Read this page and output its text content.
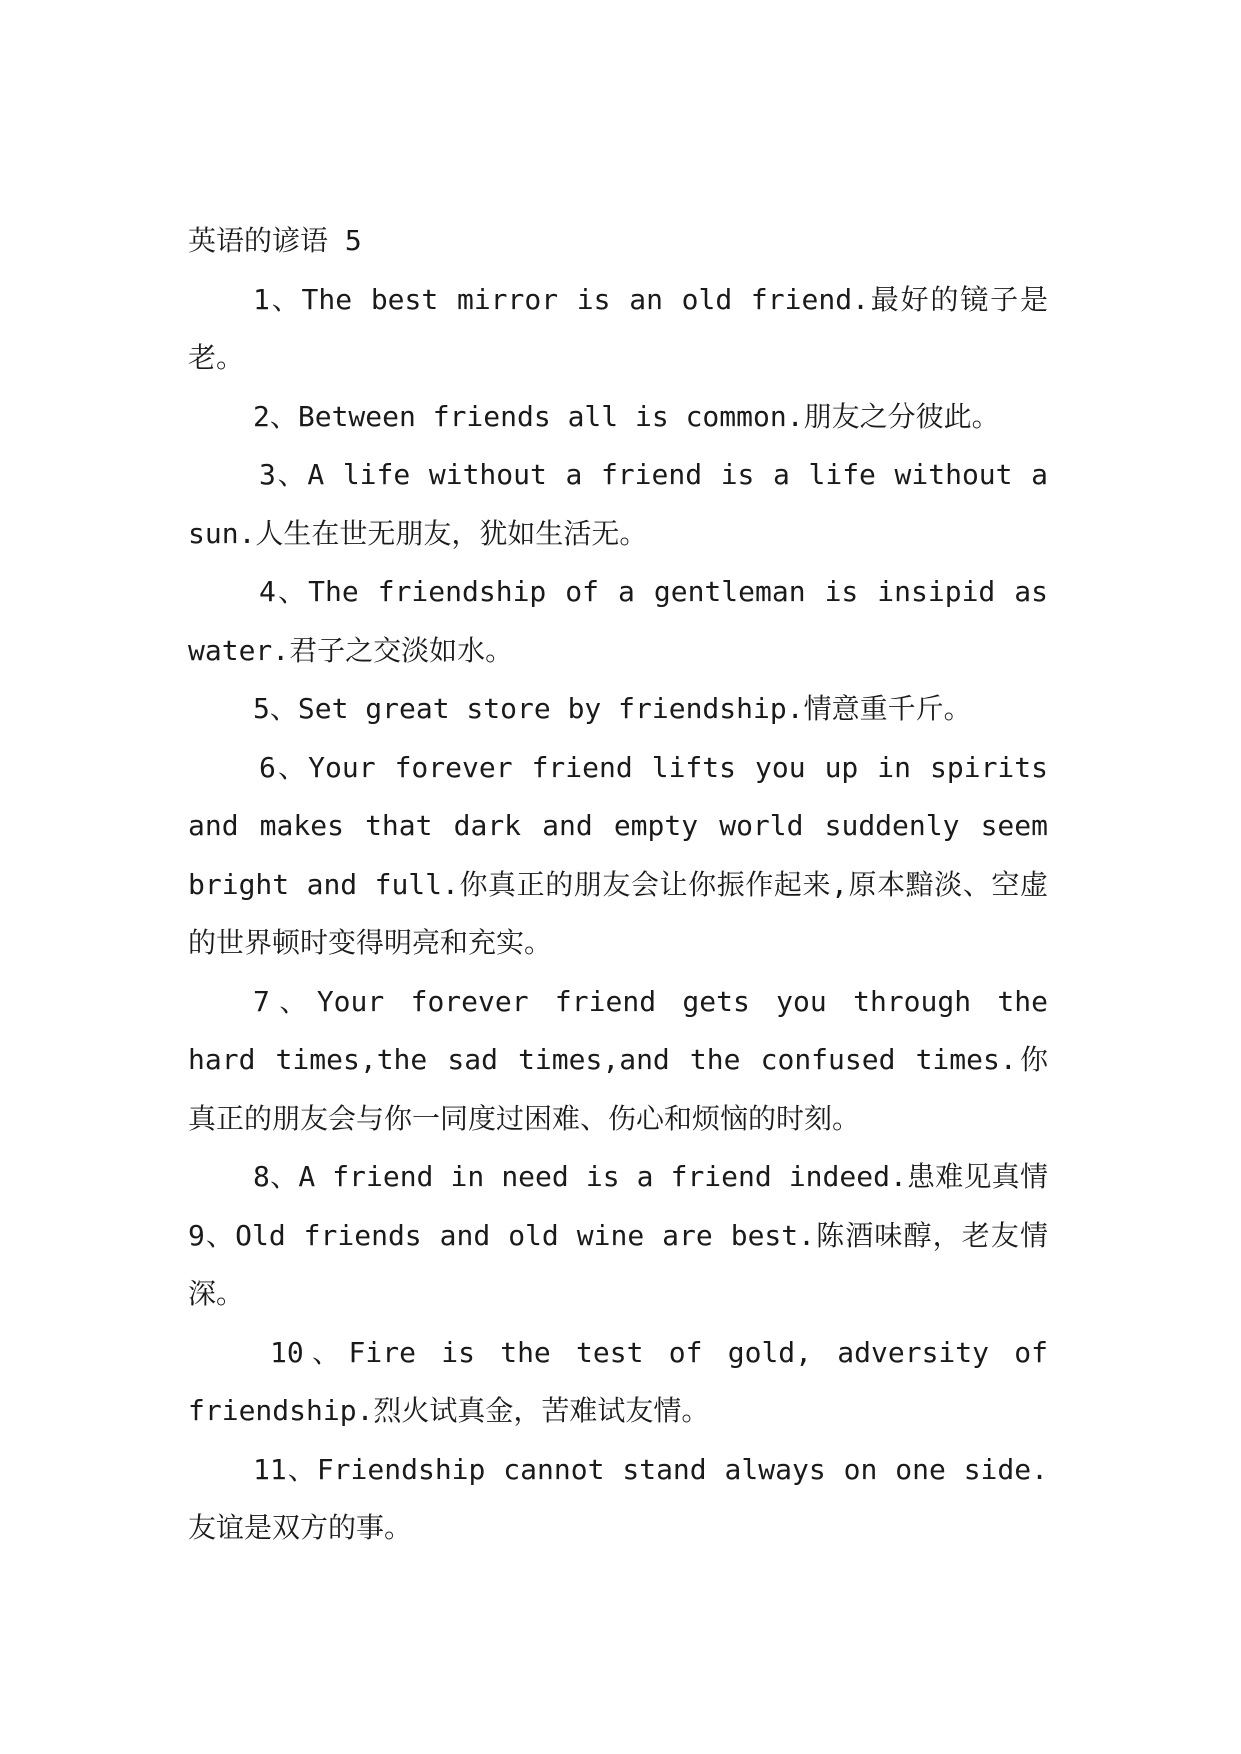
英语的谚语 5

1、The best mirror is an old friend.最好的镜子是老。

2、Between friends all is common.朋友之分彼此。

3、A life without a friend is a life without a sun.人生在世无朋友，犹如生活无。

4、The friendship of a gentleman is insipid as water.君子之交淡如水。

5、Set great store by friendship.情意重千斤。

6、Your forever friend lifts you up in spirits and makes that dark and empty world suddenly seem bright and full.你真正的朋友会让你振作起来,原本黯淡、空虚的世界顿时变得明亮和充实。

7、Your forever friend gets you through the hard times,the sad times,and the confused times.你真正的朋友会与你一同度过困难、伤心和烦恼的时刻。

8、A friend in need is a friend indeed.患难见真情 9、Old friends and old wine are best.陈酒味醇，老友情深。

10、Fire is the test of gold, adversity of friendship.烈火试真金，苦难试友情。

11、Friendship cannot stand always on one side.友谊是双方的事。
